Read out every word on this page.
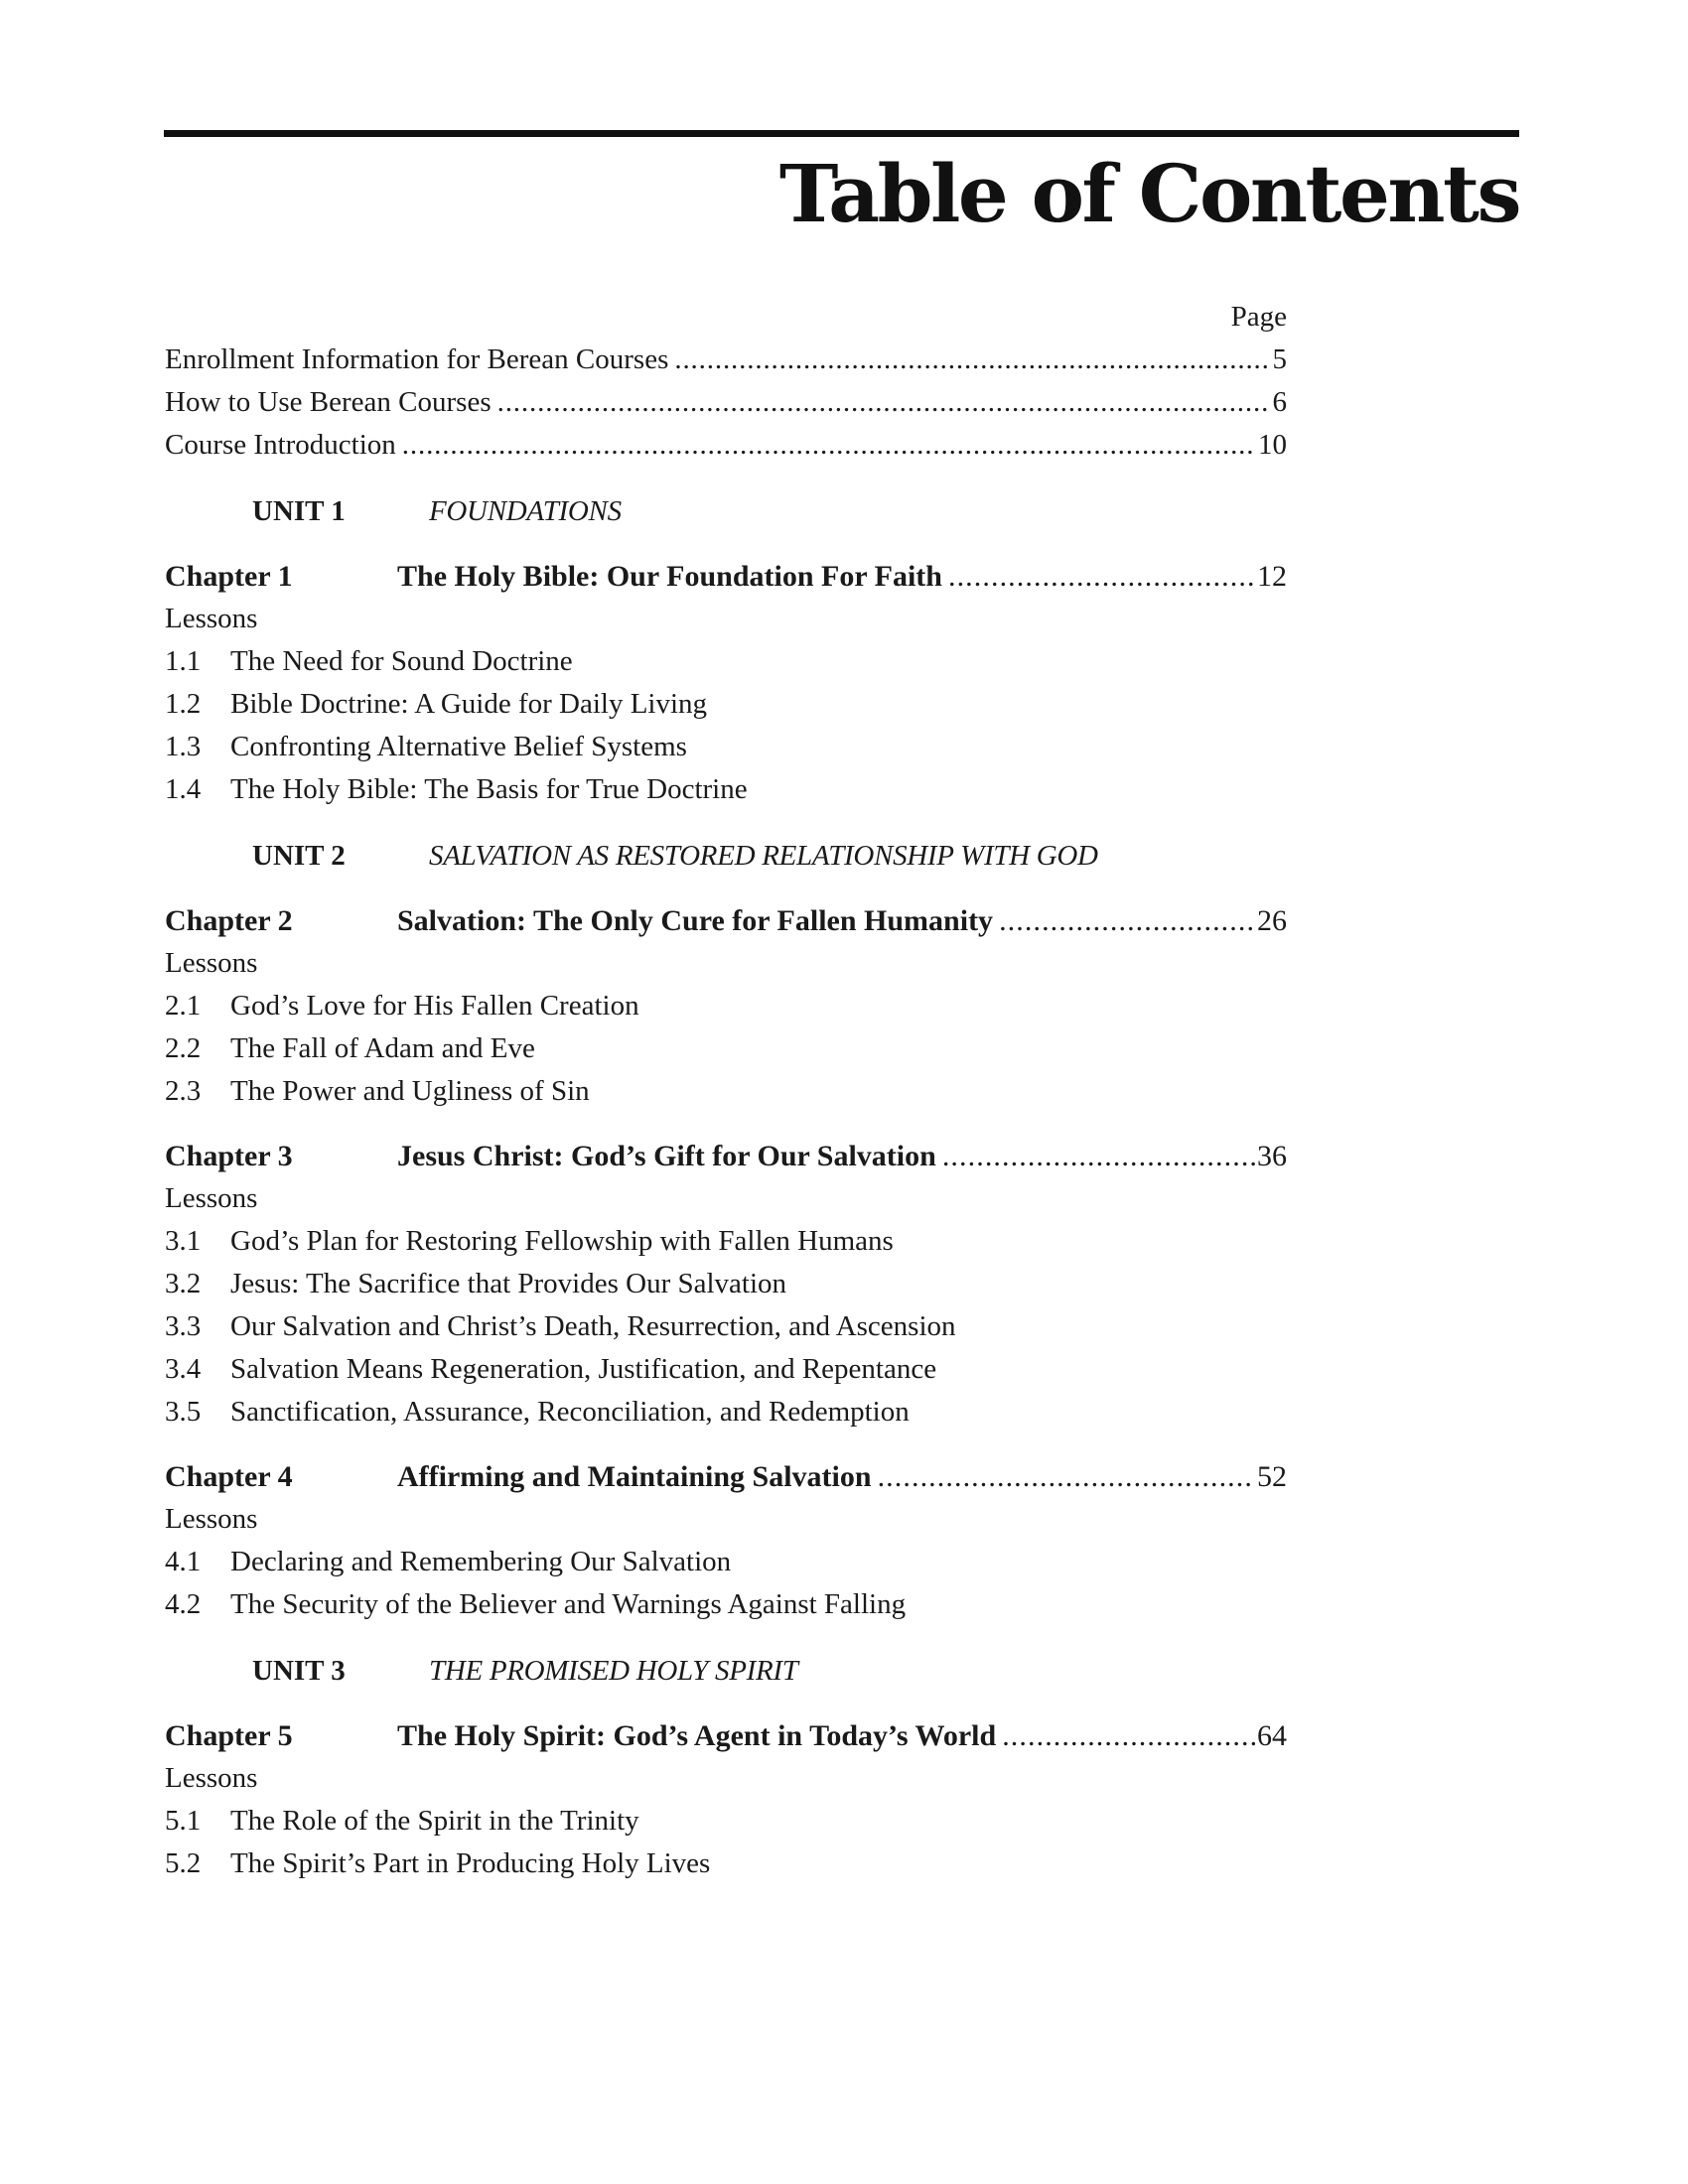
Table of Contents
Page
Enrollment Information for Berean Courses . . .	5
How to Use Berean Courses . . .	6
Course Introduction . . .	10
UNIT 1	FOUNDATIONS
Chapter 1	The Holy Bible: Our Foundation For Faith . . .	12
Lessons
1.1 The Need for Sound Doctrine
1.2 Bible Doctrine: A Guide for Daily Living
1.3 Confronting Alternative Belief Systems
1.4 The Holy Bible: The Basis for True Doctrine
UNIT 2	SALVATION AS RESTORED RELATIONSHIP WITH GOD
Chapter 2	Salvation: The Only Cure for Fallen Humanity . . .	26
Lessons
2.1 God’s Love for His Fallen Creation
2.2 The Fall of Adam and Eve
2.3 The Power and Ugliness of Sin
Chapter 3	Jesus Christ: God’s Gift for Our Salvation . . .	36
Lessons
3.1 God’s Plan for Restoring Fellowship with Fallen Humans
3.2 Jesus: The Sacrifice that Provides Our Salvation
3.3 Our Salvation and Christ’s Death, Resurrection, and Ascension
3.4 Salvation Means Regeneration, Justification, and Repentance
3.5 Sanctification, Assurance, Reconciliation, and Redemption
Chapter 4	Affirming and Maintaining Salvation . . .	52
Lessons
4.1 Declaring and Remembering Our Salvation
4.2 The Security of the Believer and Warnings Against Falling
UNIT 3	THE PROMISED HOLY SPIRIT
Chapter 5	The Holy Spirit: God’s Agent in Today’s World . . .	64
Lessons
5.1 The Role of the Spirit in the Trinity
5.2 The Spirit’s Part in Producing Holy Lives
